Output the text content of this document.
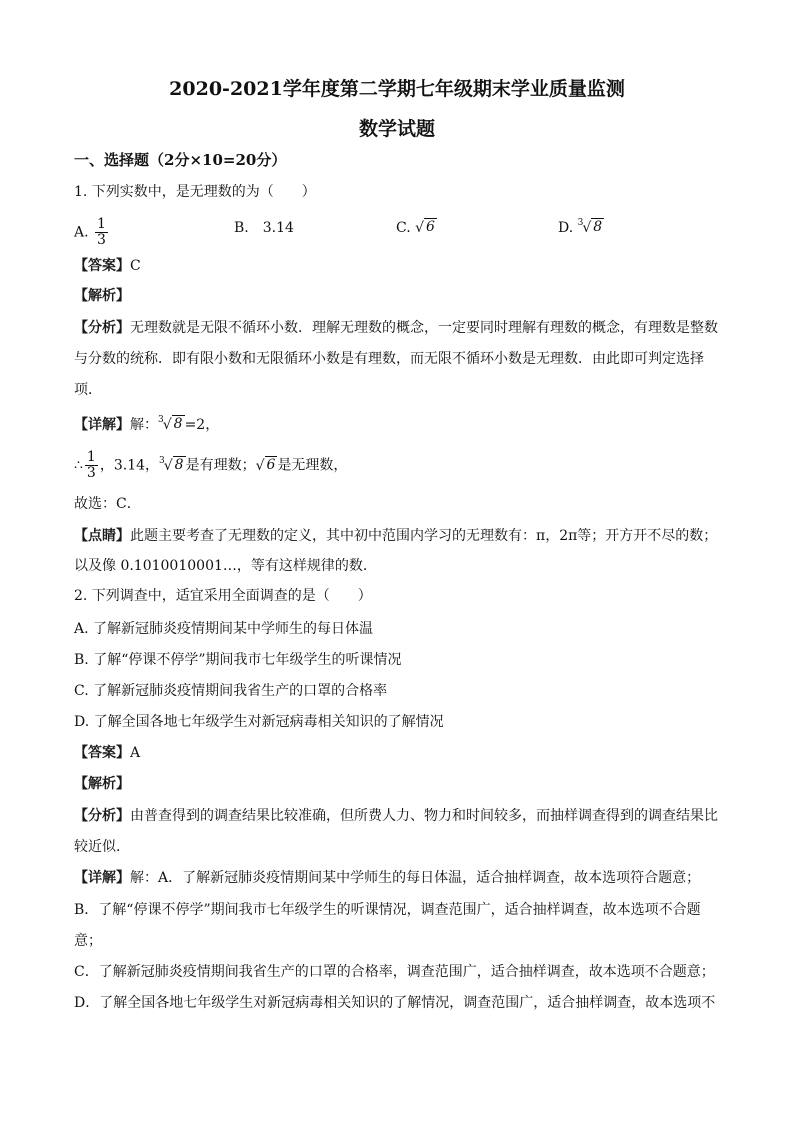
2020-2021学年度第二学期七年级期末学业质量监测
数学试题
一、选择题（2分×10=20分）
1. 下列实数中，是无理数的为（　　）
A. $\frac{1}{3}$	B.　3.14	C. √ 6	D. 3 √ 8
【答案】C
【解析】
【分析】无理数就是无限不循环小数．理解无理数的概念，一定要同时理解有理数的概念，有理数是整数
与分数的统称．即有限小数和无限循环小数是有理数，而无限不循环小数是无理数．由此即可判定选择
项．
【详解】解： 3 √ 8 =2，
∴ $\frac{1}{3}$ ，3.14， 3 √ 8 是有理数； √ 6 是无理数，
故选：C．
【点睛】此题主要考查了无理数的定义，其中初中范围内学习的无理数有：π，2π等；开方开不尽的数；
以及像 0.1010010001…，等有这样规律的数．
2. 下列调查中，适宜采用全面调查的是（　　）
A. 了解新冠肺炎疫情期间某中学师生的每日体温
B. 了解“停课不停学”期间我市七年级学生的听课情况
C. 了解新冠肺炎疫情期间我省生产的口罩的合格率
D. 了解全国各地七年级学生对新冠病毒相关知识的了解情况
【答案】A
【解析】
【分析】由普查得到的调查结果比较准确，但所费人力、物力和时间较多，而抽样调查得到的调查结果比
较近似．
【详解】解：A．了解新冠肺炎疫情期间某中学师生的每日体温，适合抽样调查，故本选项符合题意；
B．了解“停课不停学”期间我市七年级学生的听课情况，调查范围广，适合抽样调查，故本选项不合题
意；
C．了解新冠肺炎疫情期间我省生产的口罩的合格率，调查范围广，适合抽样调查，故本选项不合题意；
D．了解全国各地七年级学生对新冠病毒相关知识的了解情况，调查范围广，适合抽样调查，故本选项不
